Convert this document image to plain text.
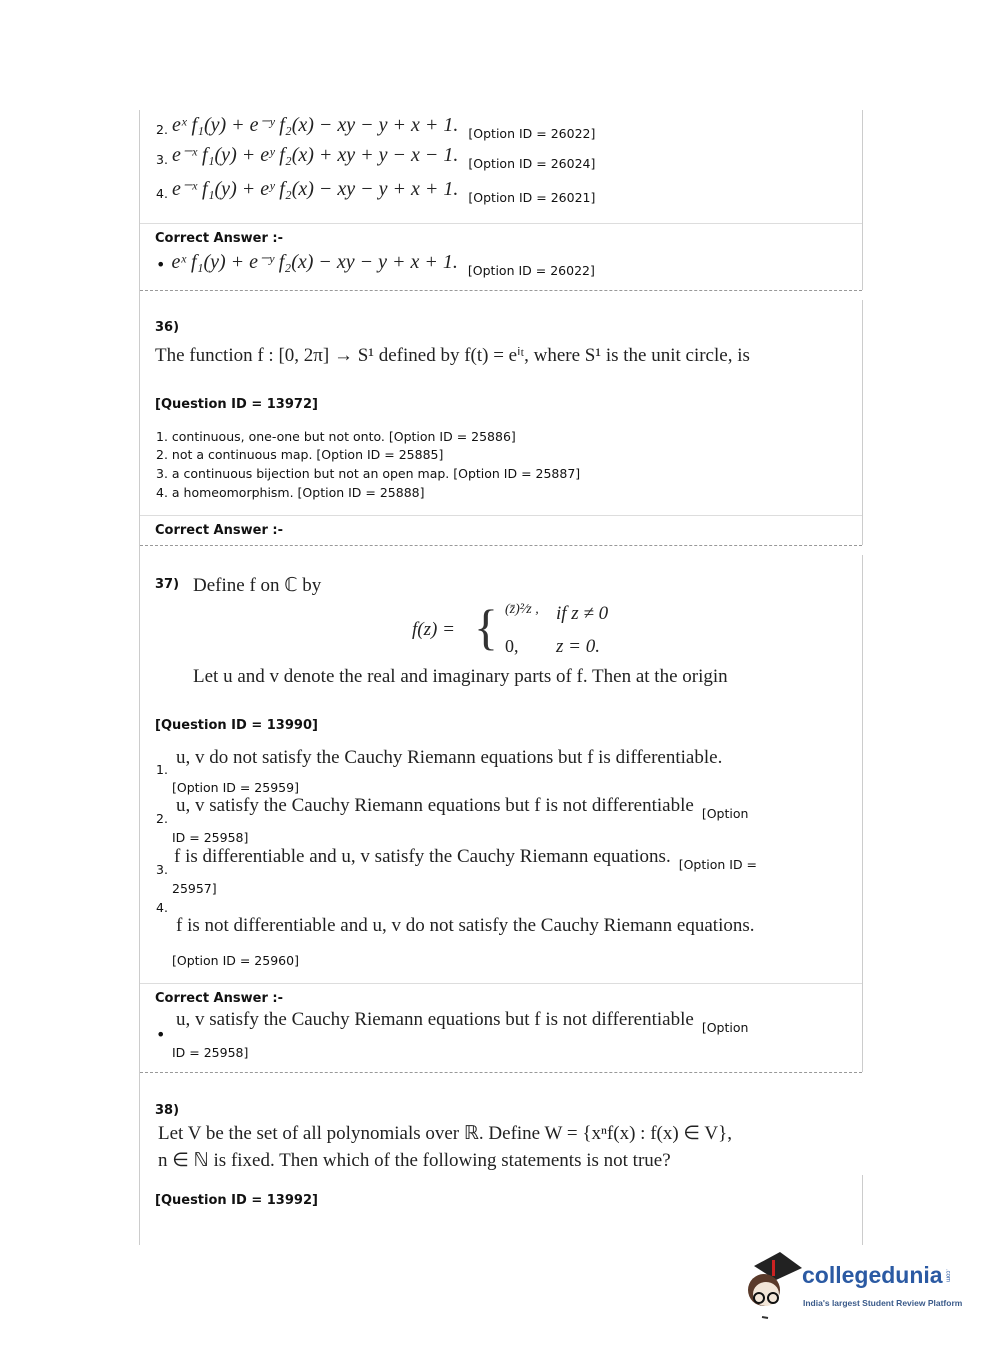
2. eˣ f₁(y) + e⁻ʸ f₂(x) − xy − y + x + 1. [Option ID = 26022]
3. e⁻ˣ f₁(y) + eʸ f₂(x) + xy + y − x − 1. [Option ID = 26024]
4. e⁻ˣ f₁(y) + eʸ f₂(x) − xy − y + x + 1. [Option ID = 26021]
Correct Answer :-
• eˣ f₁(y) + e⁻ʸ f₂(x) − xy − y + x + 1. [Option ID = 26022]
36)
The function f : [0, 2π] → S¹ defined by f(t) = eⁱᵗ, where S¹ is the unit circle, is
[Question ID = 13972]
1. continuous, one-one but not onto. [Option ID = 25886]
2. not a continuous map. [Option ID = 25885]
3. a continuous bijection but not an open map. [Option ID = 25887]
4. a homeomorphism. [Option ID = 25888]
Correct Answer :-
37) Define f on ℂ by
f(z) = { (z̄)²⁄z , if z ≠ 0
0, z = 0.
Let u and v denote the real and imaginary parts of f. Then at the origin
[Question ID = 13990]
1.
u, v do not satisfy the Cauchy Riemann equations but f is differentiable.
[Option ID = 25959]
2.
u, v satisfy the Cauchy Riemann equations but f is not differentiable [Option
ID = 25958]
3.
f is differentiable and u, v satisfy the Cauchy Riemann equations. [Option ID =
25957]
4.
f is not differentiable and u, v do not satisfy the Cauchy Riemann equations.
[Option ID = 25960]
Correct Answer :-
•
u, v satisfy the Cauchy Riemann equations but f is not differentiable [Option
ID = 25958]
38)
Let V be the set of all polynomials over ℝ. Define W = {xⁿf(x) : f(x) ∈ V},
n ∈ ℕ is fixed. Then which of the following statements is not true?
[Question ID = 13992]
collegedunia .com
India's largest Student Review Platform
